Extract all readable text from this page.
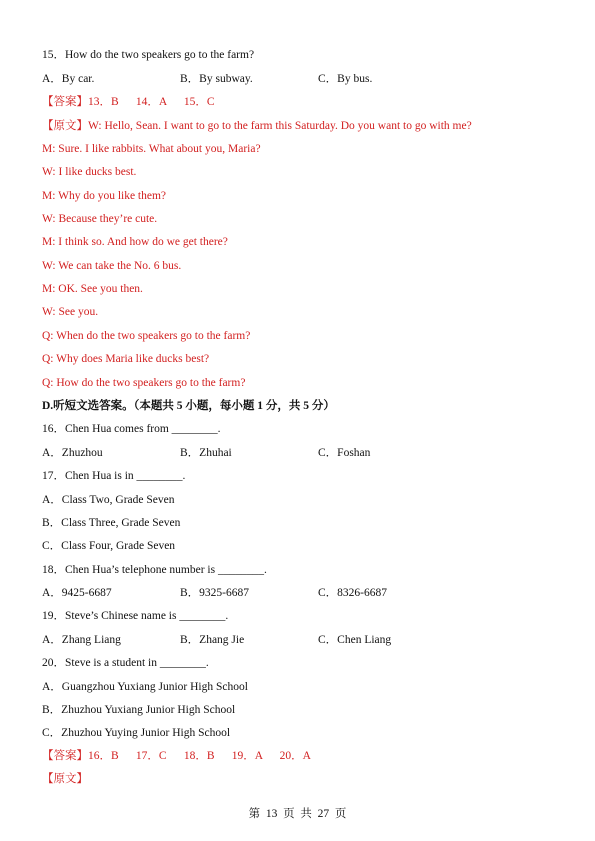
15．How do the two speakers go to the farm?
A．By car.	B．By subway.	C．By bus.
【答案】13．B      14．A      15．C
【原文】W: Hello, Sean. I want to go to the farm this Saturday. Do you want to go with me?
M: Sure. I like rabbits. What about you, Maria?
W: I like ducks best.
M: Why do you like them?
W: Because they’re cute.
M: I think so. And how do we get there?
W: We can take the No. 6 bus.
M: OK. See you then.
W: See you.
Q: When do the two speakers go to the farm?
Q: Why does Maria like ducks best?
Q: How do the two speakers go to the farm?
D.听短文选答案。（本题共 5 小题，每小题 1 分，共 5 分）
16．Chen Hua comes from ________.
A．Zhuzhou	B．Zhuhai	C．Foshan
17．Chen Hua is in ________.
A．Class Two, Grade Seven
B．Class Three, Grade Seven
C．Class Four, Grade Seven
18．Chen Hua’s telephone number is ________.
A．9425-6687	B．9325-6687	C．8326-6687
19．Steve’s Chinese name is ________.
A．Zhang Liang	B．Zhang Jie	C．Chen Liang
20．Steve is a student in ________.
A．Guangzhou Yuxiang Junior High School
B．Zhuzhou Yuxiang Junior High School
C．Zhuzhou Yuying Junior High School
【答案】16．B      17．C      18．B      19．A      20．A
【原文】
第  13  页  共  27  页
